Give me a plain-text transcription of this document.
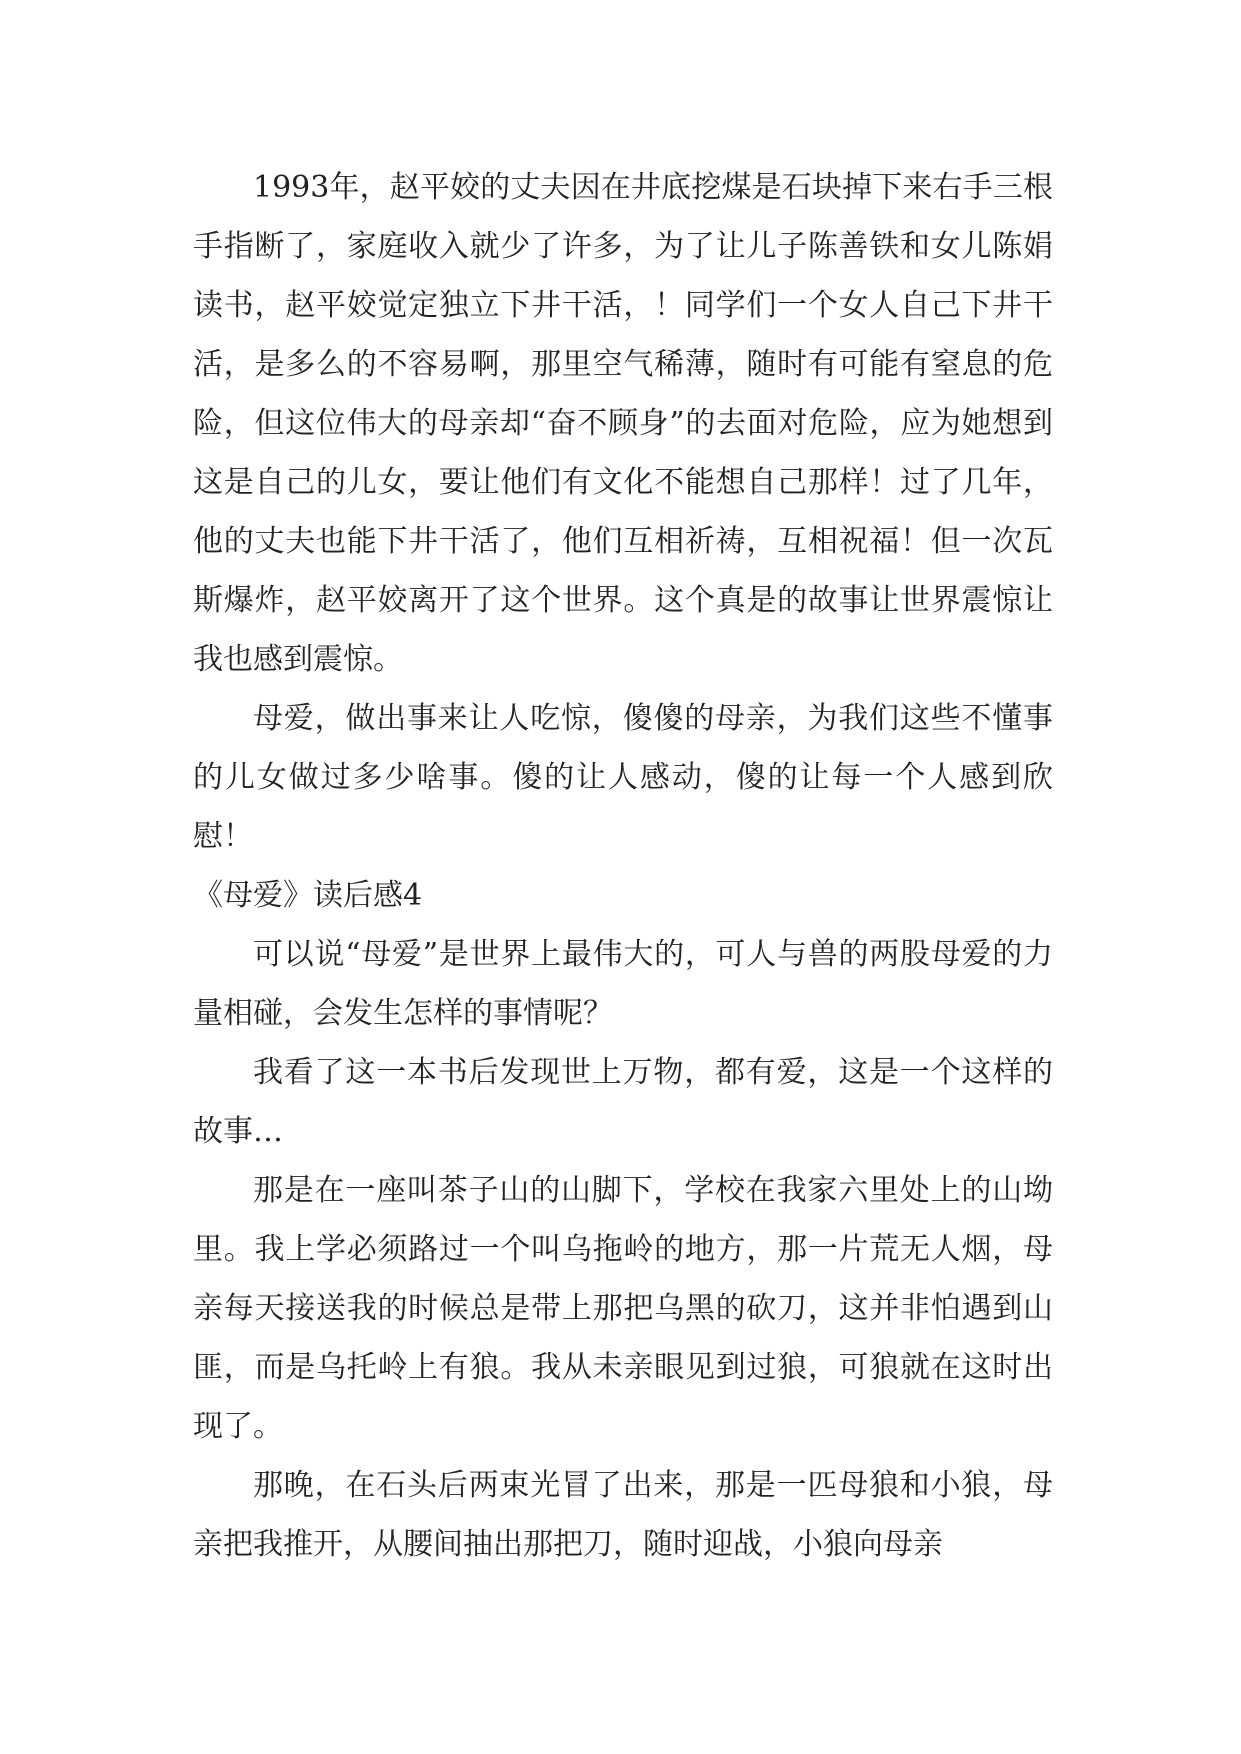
1993年，赵平姣的丈夫因在井底挖煤是石块掉下来右手三根手指断了，家庭收入就少了许多，为了让儿子陈善铁和女儿陈娟读书，赵平姣觉定独立下井干活，！同学们一个女人自己下井干活，是多么的不容易啊，那里空气稀薄，随时有可能有窒息的危险，但这位伟大的母亲却“奋不顾身”的去面对危险，应为她想到这是自己的儿女，要让他们有文化不能想自己那样！过了几年，他的丈夫也能下井干活了，他们互相祈祷，互相祝福！但一次瓦斯爆炸，赵平姣离开了这个世界。这个真是的故事让世界震惊让我也感到震惊。

母爱，做出事来让人吃惊，傻傻的母亲，为我们这些不懂事的儿女做过多少啥事。傻的让人感动，傻的让每一个人感到欣慰！

《母爱》读后感4

可以说“母爱”是世界上最伟大的，可人与兽的两股母爱的力量相碰，会发生怎样的事情呢？

我看了这一本书后发现世上万物，都有爱，这是一个这样的故事…

那是在一座叫茶子山的山脚下，学校在我家六里处上的山坳里。我上学必须路过一个叫乌拖岭的地方，那一片荒无人烟，母亲每天接送我的时候总是带上那把乌黑的砍刀，这并非怕遇到山匪，而是乌托岭上有狼。我从未亲眼见到过狼，可狼就在这时出现了。

那晚，在石头后两束光冒了出来，那是一匹母狼和小狼，母亲把我推开，从腰间抽出那把刀，随时迎战，小狼向母亲
